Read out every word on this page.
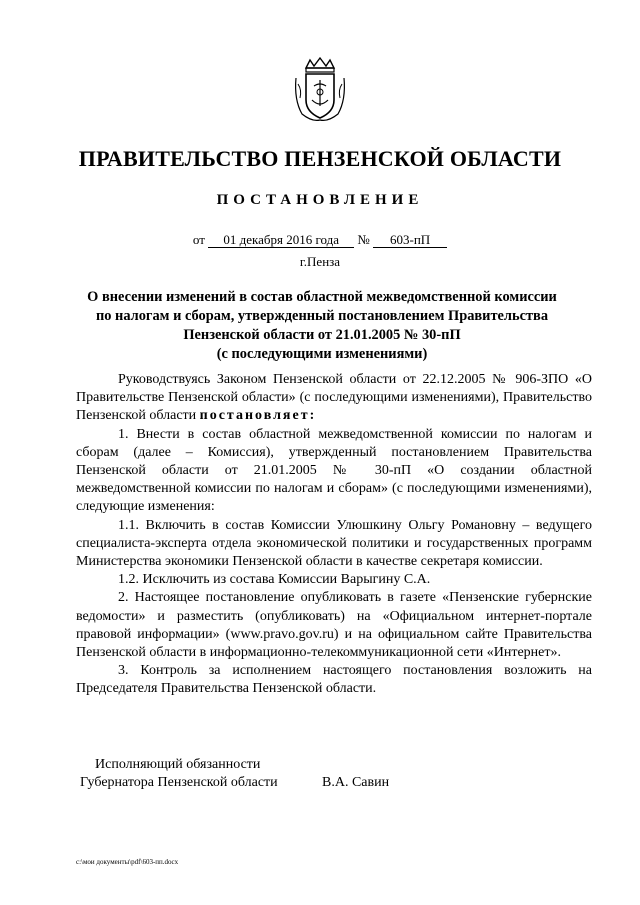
ПРАВИТЕЛЬСТВО ПЕНЗЕНСКОЙ ОБЛАСТИ
ПОСТАНОВЛЕНИЕ
от 01 декабря 2016 года № 603-пП
г.Пенза
О внесении изменений в состав областной межведомственной комиссии
по налогам и сборам, утвержденный постановлением Правительства
Пензенской области от 21.01.2005 № 30-пП
(с последующими изменениями)

Руководствуясь Законом Пензенской области от 22.12.2005 № 906-ЗПО «О Правительстве Пензенской области» (с последующими изменениями), Правительство Пензенской области постановляет:

1. Внести в состав областной межведомственной комиссии по налогам и сборам (далее – Комиссия), утвержденный постановлением Правительства Пензенской области от 21.01.2005 № 30-пП «О создании областной межведомственной комиссии по налогам и сборам» (с последующими изменениями), следующие изменения:

1.1. Включить в состав Комиссии Улюшкину Ольгу Романовну – ведущего специалиста-эксперта отдела экономической политики и государственных программ Министерства экономики Пензенской области в качестве секретаря комиссии.

1.2. Исключить из состава Комиссии Варыгину С.А.

2. Настоящее постановление опубликовать в газете «Пензенские губернские ведомости» и разместить (опубликовать) на «Официальном интернет-портале правовой информации» (www.pravo.gov.ru) и на официальном сайте Правительства Пензенской области в информационно-телекоммуникационной сети «Интернет».

3. Контроль за исполнением настоящего постановления возложить на Председателя Правительства Пензенской области.

Исполняющий обязанности
Губернатора Пензенской области	В.А. Савин
c:\мои документы\pdf\603-пп.docx
